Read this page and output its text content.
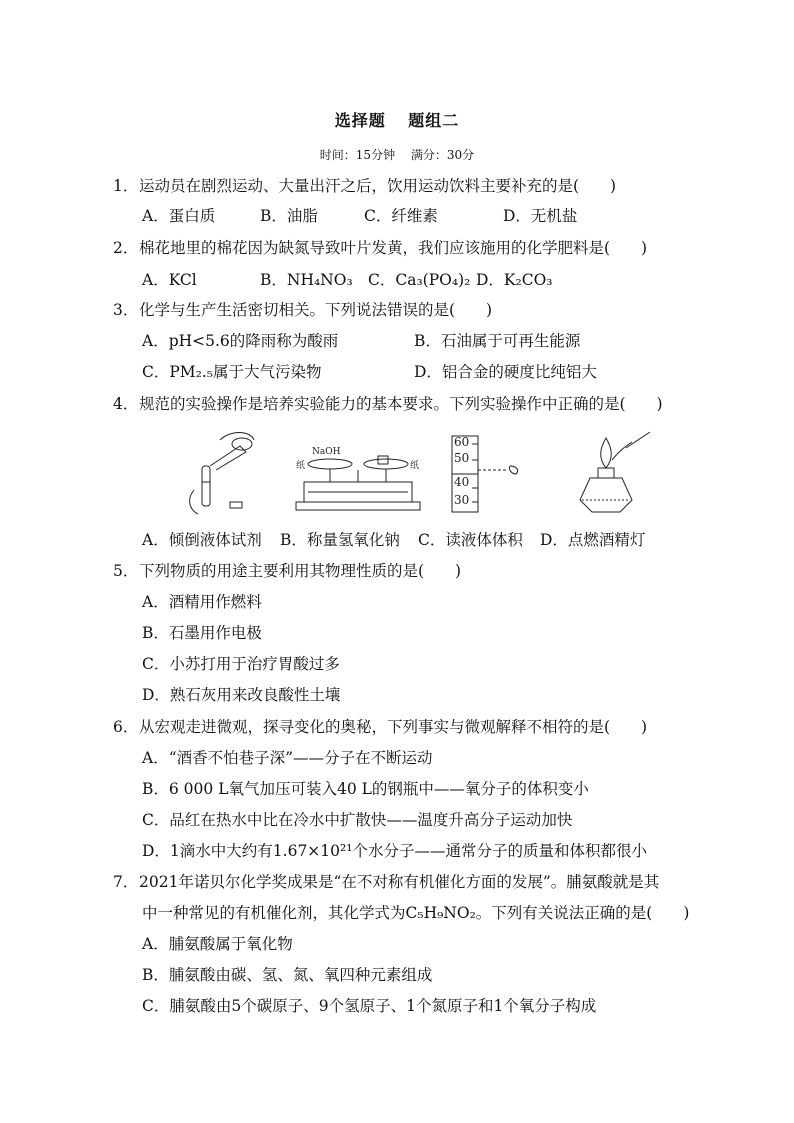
选择题 题组二
时间：15分钟 满分：30分
1．运动员在剧烈运动、大量出汗之后，饮用运动饮料主要补充的是(　　)
A．蛋白质	B．油脂	C．纤维素	D．无机盐
2．棉花地里的棉花因为缺氮导致叶片发黄，我们应该施用的化学肥料是(　　)
A．KCl	B．NH₄NO₃ C．Ca₃(PO₄)₂ D．K₂CO₃
3．化学与生产生活密切相关。下列说法错误的是(　　)
A．pH<5.6的降雨称为酸雨	B．石油属于可再生能源
C．PM₂.₅属于大气污染物	D．铝合金的硬度比纯铝大
4．规范的实验操作是培养实验能力的基本要求。下列实验操作中正确的是(　　)
NaOH
纸	纸
60
50
40
30
A．倾倒液体试剂 B．称量氢氧化钠 C．读液体体积 D．点燃酒精灯
5．下列物质的用途主要利用其物理性质的是(　　)
A．酒精用作燃料
B．石墨用作电极
C．小苏打用于治疗胃酸过多
D．熟石灰用来改良酸性土壤
6．从宏观走进微观，探寻变化的奥秘，下列事实与微观解释不相符的是(　　)
A．“酒香不怕巷子深”——分子在不断运动
B．6 000 L氧气加压可装入40 L的钢瓶中——氧分子的体积变小
C．品红在热水中比在冷水中扩散快——温度升高分子运动加快
D．1滴水中大约有1.67×10²¹个水分子——通常分子的质量和体积都很小
7．2021年诺贝尔化学奖成果是“在不对称有机催化方面的发展”。脯氨酸就是其
中一种常见的有机催化剂，其化学式为C₅H₉NO₂。下列有关说法正确的是(　　)
A．脯氨酸属于氧化物
B．脯氨酸由碳、氢、氮、氧四种元素组成
C．脯氨酸由5个碳原子、9个氢原子、1个氮原子和1个氧分子构成
